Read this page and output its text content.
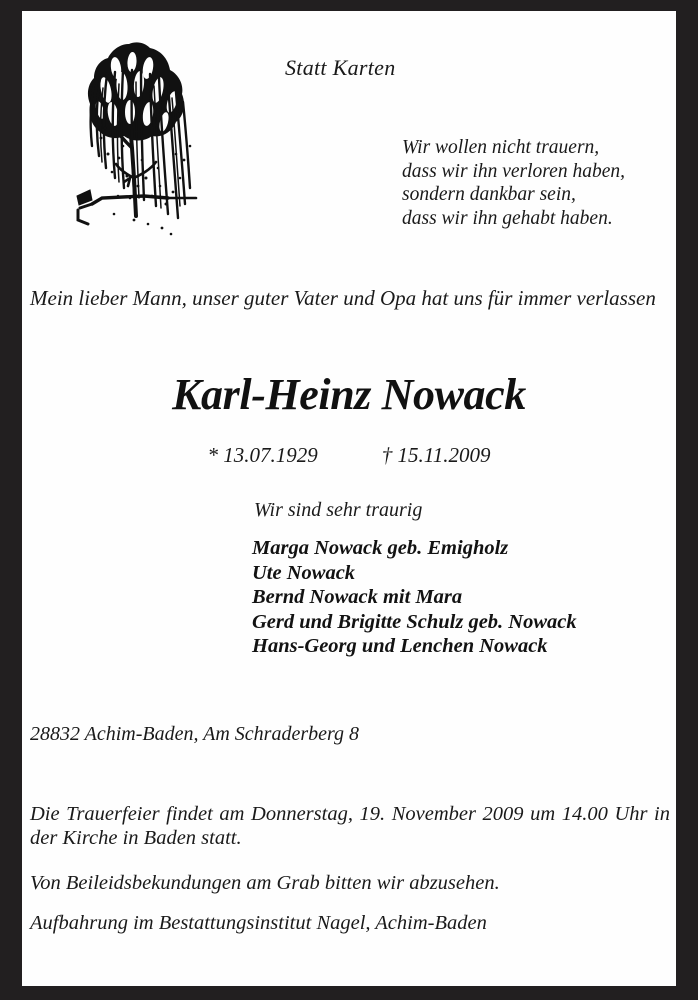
Statt Karten
Wir wollen nicht trauern,
dass wir ihn verloren haben,
sondern dankbar sein,
dass wir ihn gehabt haben.
Mein lieber Mann, unser guter Vater und Opa hat uns für immer verlassen
Karl-Heinz Nowack
* 13.07.1929	† 15.11.2009
Wir sind sehr traurig
Marga Nowack geb. Emigholz
Ute Nowack
Bernd Nowack mit Mara
Gerd und Brigitte Schulz geb. Nowack
Hans-Georg und Lenchen Nowack
28832 Achim-Baden, Am Schraderberg 8
Die Trauerfeier findet am Donnerstag, 19. November 2009 um 14.00 Uhr in der Kirche in Baden statt.
Von Beileidsbekundungen am Grab bitten wir abzusehen.
Aufbahrung im Bestattungsinstitut Nagel, Achim-Baden
